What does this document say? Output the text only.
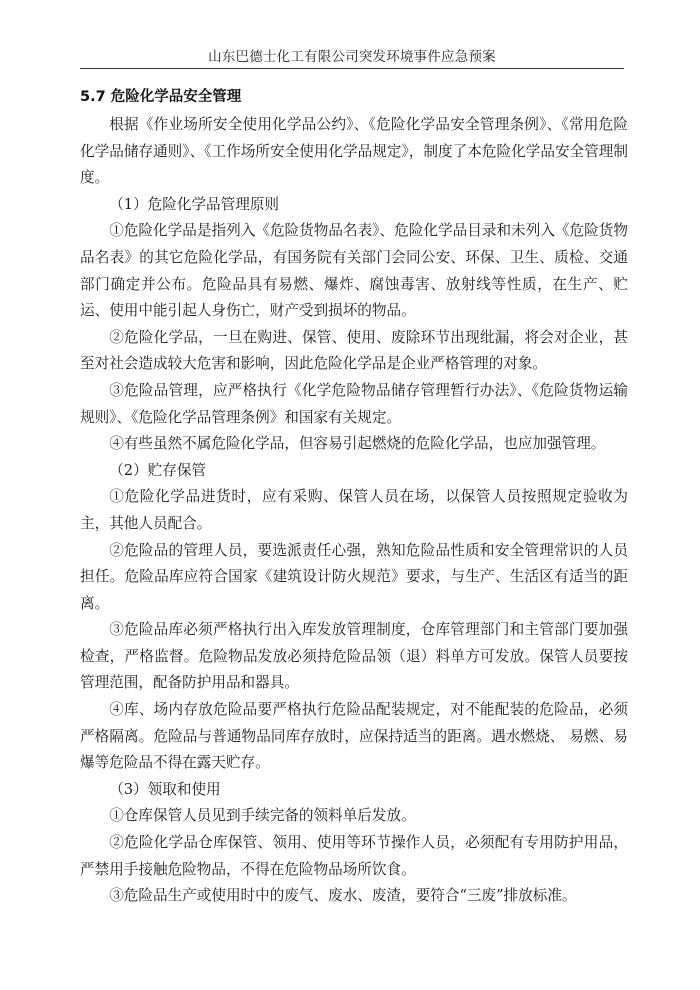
山东巴德士化工有限公司突发环境事件应急预案
5.7 危险化学品安全管理

根据《作业场所安全使用化学品公约》、《危险化学品安全管理条例》、《常用危险化学品储存通则》、《工作场所安全使用化学品规定》，制度了本危险化学品安全管理制度。

（1）危险化学品管理原则

①危险化学品是指列入《危险货物品名表》、危险化学品目录和未列入《危险货物品名表》的其它危险化学品，有国务院有关部门会同公安、环保、卫生、质检、交通部门确定并公布。危险品具有易燃、爆炸、腐蚀毒害、放射线等性质，在生产、贮运、使用中能引起人身伤亡，财产受到损坏的物品。

②危险化学品，一旦在购进、保管、使用、废除环节出现纰漏，将会对企业，甚至对社会造成较大危害和影响，因此危险化学品是企业严格管理的对象。

③危险品管理，应严格执行《化学危险物品储存管理暂行办法》、《危险货物运输规则》、《危险化学品管理条例》和国家有关规定。

④有些虽然不属危险化学品，但容易引起燃烧的危险化学品，也应加强管理。

（2）贮存保管

①危险化学品进货时，应有采购、保管人员在场，以保管人员按照规定验收为主，其他人员配合。

②危险品的管理人员，要选派责任心强，熟知危险品性质和安全管理常识的人员担任。危险品库应符合国家《建筑设计防火规范》要求，与生产、生活区有适当的距离。

③危险品库必须严格执行出入库发放管理制度，仓库管理部门和主管部门要加强检查，严格监督。危险物品发放必须持危险品领（退）料单方可发放。保管人员要按管理范围，配备防护用品和器具。

④库、场内存放危险品要严格执行危险品配装规定，对不能配装的危险品，必须严格隔离。危险品与普通物品同库存放时，应保持适当的距离。遇水燃烧、 易燃、易爆等危险品不得在露天贮存。

（3）领取和使用

①仓库保管人员见到手续完备的领料单后发放。

②危险化学品仓库保管、领用、使用等环节操作人员，必须配有专用防护用品，严禁用手接触危险物品，不得在危险物品场所饮食。

③危险品生产或使用时中的废气、废水、废渣，要符合“三废”排放标准。
